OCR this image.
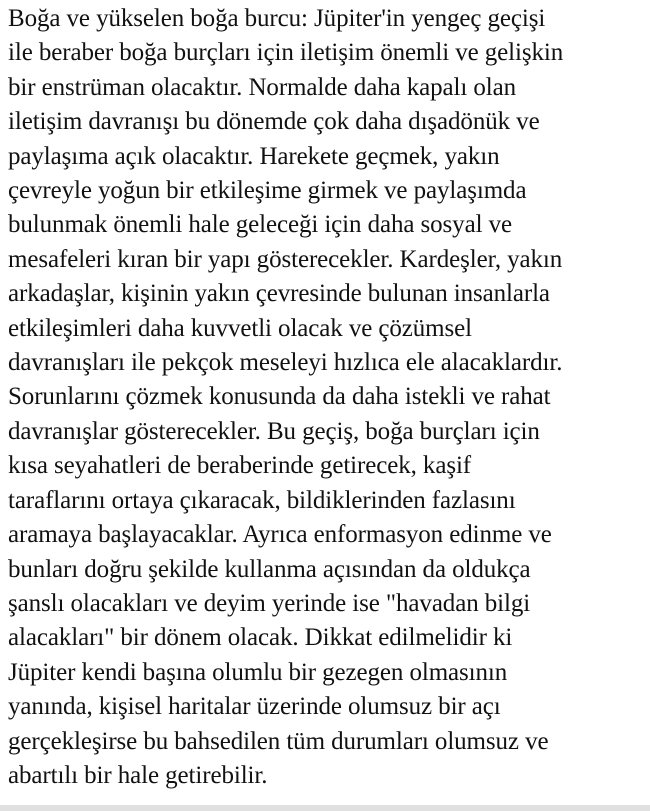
Boğa ve yükselen boğa burcu: Jüpiter'in yengeç geçişi
ile beraber boğa burçları için iletişim önemli ve gelişkin
bir enstrüman olacaktır. Normalde daha kapalı olan
iletişim davranışı bu dönemde çok daha dışadönük ve
paylaşıma açık olacaktır. Harekete geçmek, yakın
çevreyle yoğun bir etkileşime girmek ve paylaşımda
bulunmak önemli hale geleceği için daha sosyal ve
mesafeleri kıran bir yapı gösterecekler. Kardeşler, yakın
arkadaşlar, kişinin yakın çevresinde bulunan insanlarla
etkileşimleri daha kuvvetli olacak ve çözümsel
davranışları ile pekçok meseleyi hızlıca ele alacaklardır.
Sorunlarını çözmek konusunda da daha istekli ve rahat
davranışlar gösterecekler. Bu geçiş, boğa burçları için
kısa seyahatleri de beraberinde getirecek, kaşif
taraflarını ortaya çıkaracak, bildiklerinden fazlasını
aramaya başlayacaklar. Ayrıca enformasyon edinme ve
bunları doğru şekilde kullanma açısından da oldukça
şanslı olacakları ve deyim yerinde ise "havadan bilgi
alacakları" bir dönem olacak. Dikkat edilmelidir ki
Jüpiter kendi başına olumlu bir gezegen olmasının
yanında, kişisel haritalar üzerinde olumsuz bir açı
gerçekleşirse bu bahsedilen tüm durumları olumsuz ve
abartılı bir hale getirebilir.
